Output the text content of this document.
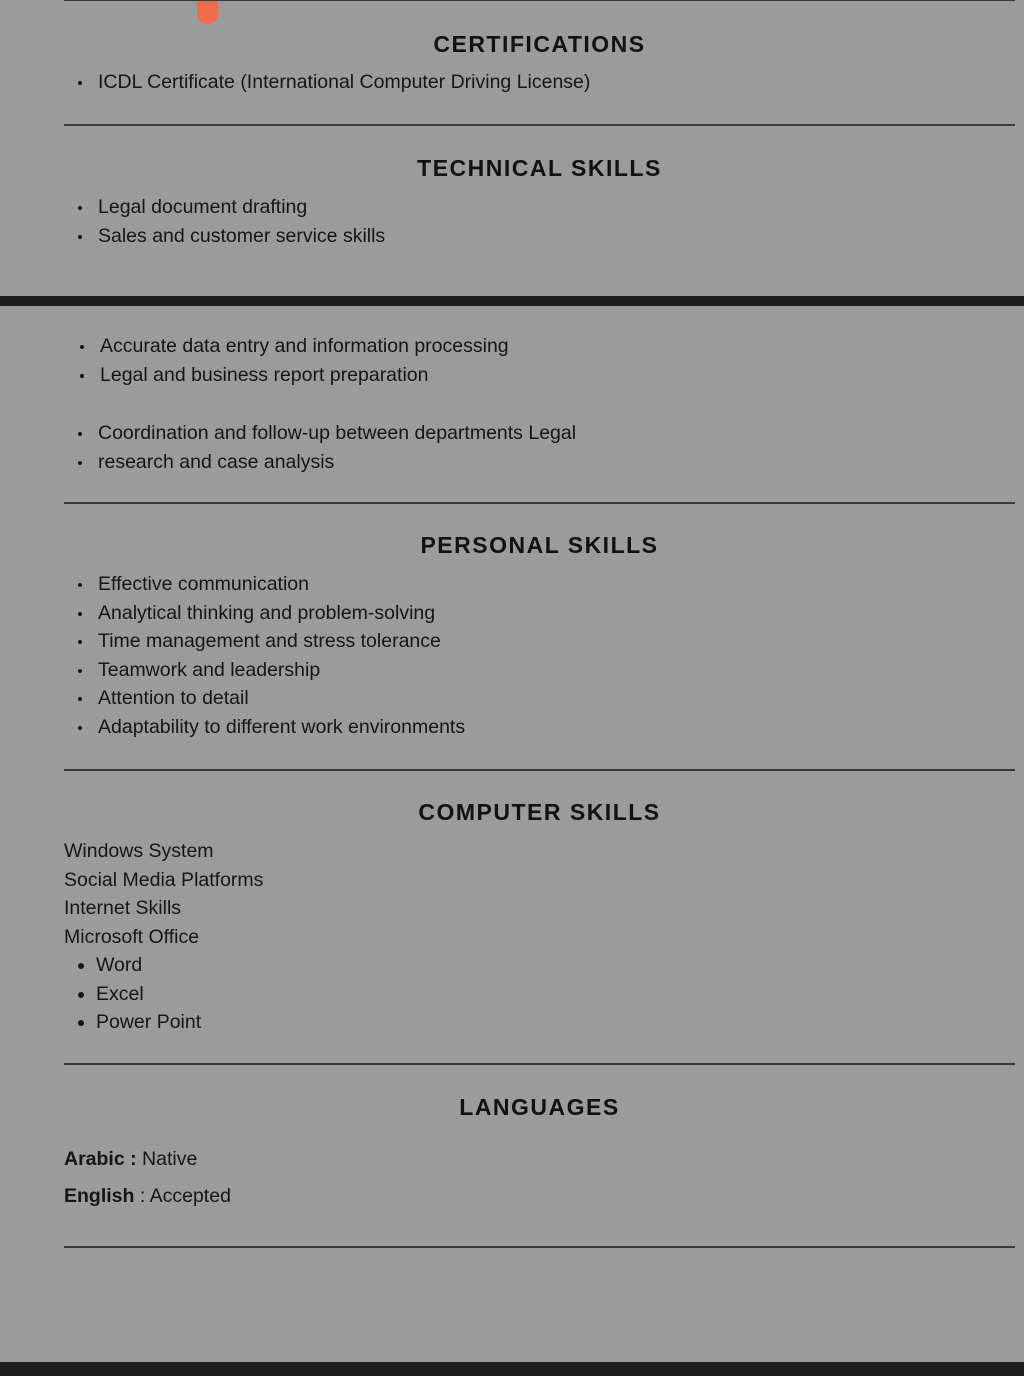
CERTIFICATIONS
ICDL Certificate (International Computer Driving License)
TECHNICAL SKILLS
Legal document drafting
Sales and customer service skills
Accurate data entry and information processing
Legal and business report preparation
Coordination and follow-up between departments Legal
research and case analysis
PERSONAL SKILLS
Effective communication
Analytical thinking and problem-solving
Time management and stress tolerance
Teamwork and leadership
Attention to detail
Adaptability to different work environments
COMPUTER SKILLS
Windows System
Social Media Platforms
Internet Skills
Microsoft Office
Word
Excel
Power Point
LANGUAGES
Arabic : Native
English : Accepted
